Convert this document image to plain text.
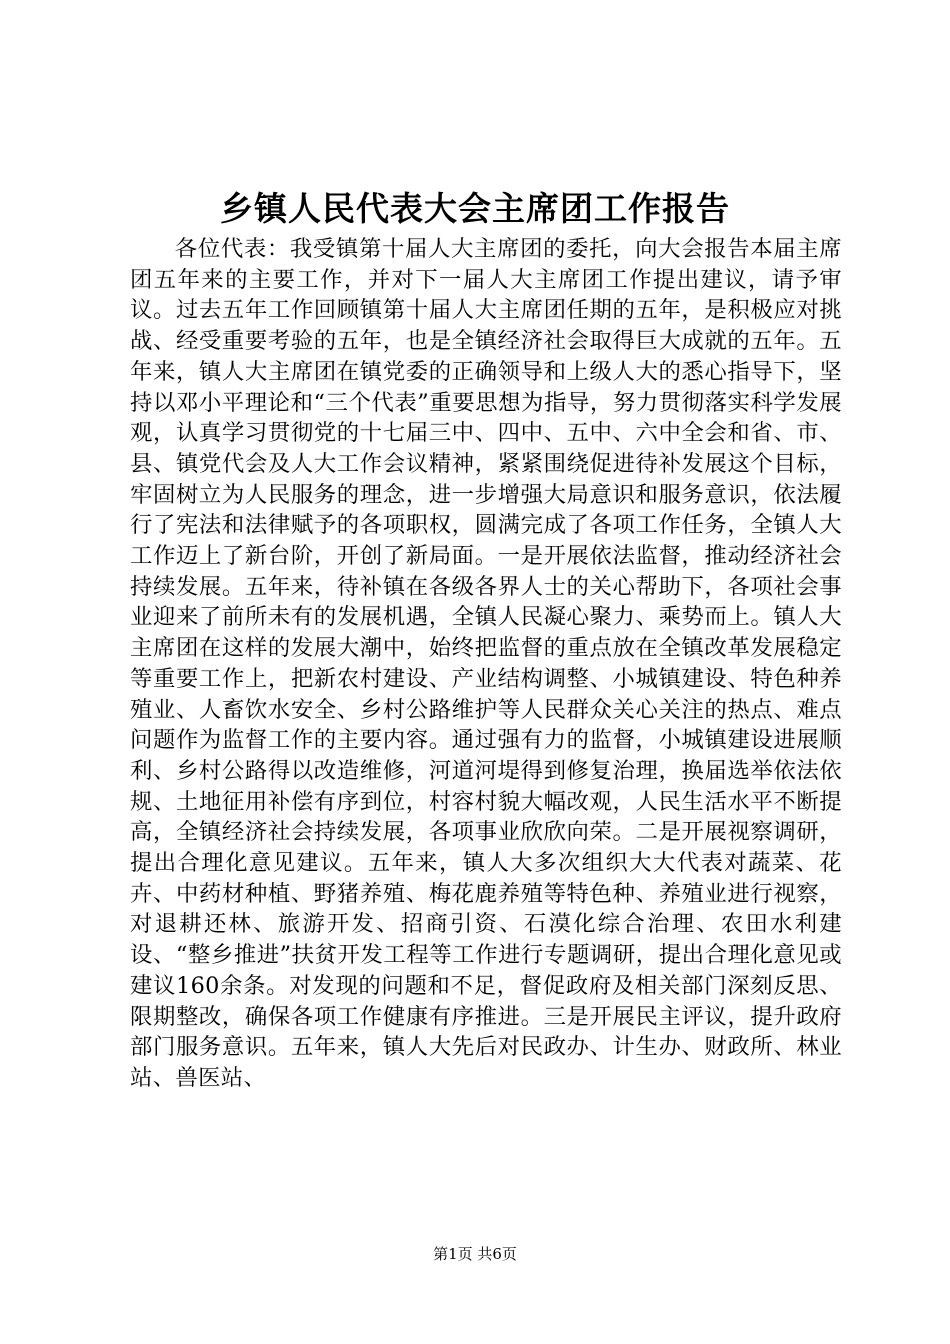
乡镇人民代表大会主席团工作报告

各位代表：我受镇第十届人大主席团的委托，向大会报告本届主席团五年来的主要工作，并对下一届人大主席团工作提出建议，请予审议。过去五年工作回顾镇第十届人大主席团任期的五年，是积极应对挑战、经受重要考验的五年，也是全镇经济社会取得巨大成就的五年。五年来，镇人大主席团在镇党委的正确领导和上级人大的悉心指导下，坚持以邓小平理论和“三个代表”重要思想为指导，努力贯彻落实科学发展观，认真学习贯彻党的十七届三中、四中、五中、六中全会和省、市、县、镇党代会及人大工作会议精神，紧紧围绕促进待补发展这个目标，牢固树立为人民服务的理念，进一步增强大局意识和服务意识，依法履行了宪法和法律赋予的各项职权，圆满完成了各项工作任务，全镇人大工作迈上了新台阶，开创了新局面。一是开展依法监督，推动经济社会持续发展。五年来，待补镇在各级各界人士的关心帮助下，各项社会事业迎来了前所未有的发展机遇，全镇人民凝心聚力、乘势而上。镇人大主席团在这样的发展大潮中，始终把监督的重点放在全镇改革发展稳定等重要工作上，把新农村建设、产业结构调整、小城镇建设、特色种养殖业、人畜饮水安全、乡村公路维护等人民群众关心关注的热点、难点问题作为监督工作的主要内容。通过强有力的监督，小城镇建设进展顺利、乡村公路得以改造维修，河道河堤得到修复治理，换届选举依法依规、土地征用补偿有序到位，村容村貌大幅改观，人民生活水平不断提高，全镇经济社会持续发展，各项事业欣欣向荣。二是开展视察调研，提出合理化意见建议。五年来，镇人大多次组织大大代表对蔬菜、花卉、中药材种植、野猪养殖、梅花鹿养殖等特色种、养殖业进行视察，对退耕还林、旅游开发、招商引资、石漠化综合治理、农田水利建设、“整乡推进”扶贫开发工程等工作进行专题调研，提出合理化意见或建议160余条。对发现的问题和不足，督促政府及相关部门深刻反思、限期整改，确保各项工作健康有序推进。三是开展民主评议，提升政府部门服务意识。五年来，镇人大先后对民政办、计生办、财政所、林业站、兽医站、

第1页 共6页
